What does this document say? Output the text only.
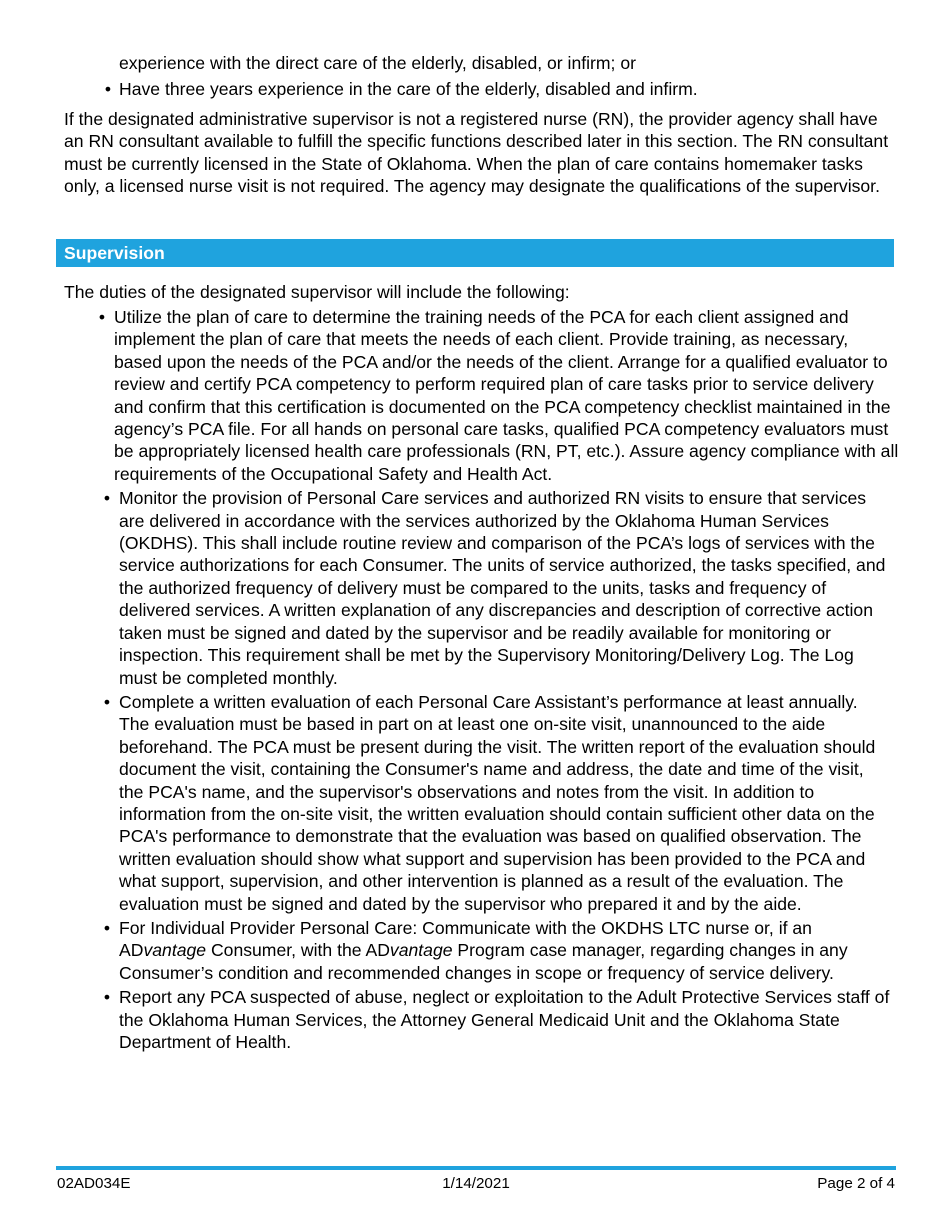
experience with the direct care of the elderly, disabled, or infirm; or
• Have three years experience in the care of the elderly, disabled and infirm.
If the designated administrative supervisor is not a registered nurse (RN), the provider agency shall have an RN consultant available to fulfill the specific functions described later in this section. The RN consultant must be currently licensed in the State of Oklahoma. When the plan of care contains homemaker tasks only, a licensed nurse visit is not required. The agency may designate the qualifications of the supervisor.
Supervision
The duties of the designated supervisor will include the following:
• Utilize the plan of care to determine the training needs of the PCA for each client assigned and implement the plan of care that meets the needs of each client. Provide training, as necessary, based upon the needs of the PCA and/or the needs of the client. Arrange for a qualified evaluator to review and certify PCA competency to perform required plan of care tasks prior to service delivery and confirm that this certification is documented on the PCA competency checklist maintained in the agency’s PCA file. For all hands on personal care tasks, qualified PCA competency evaluators must be appropriately licensed health care professionals (RN, PT, etc.). Assure agency compliance with all requirements of the Occupational Safety and Health Act.
• Monitor the provision of Personal Care services and authorized RN visits to ensure that services are delivered in accordance with the services authorized by the Oklahoma Human Services (OKDHS). This shall include routine review and comparison of the PCA’s logs of services with the service authorizations for each Consumer. The units of service authorized, the tasks specified, and the authorized frequency of delivery must be compared to the units, tasks and frequency of delivered services. A written explanation of any discrepancies and description of corrective action taken must be signed and dated by the supervisor and be readily available for monitoring or inspection. This requirement shall be met by the Supervisory Monitoring/Delivery Log. The Log must be completed monthly.
• Complete a written evaluation of each Personal Care Assistant’s performance at least annually. The evaluation must be based in part on at least one on-site visit, unannounced to the aide beforehand. The PCA must be present during the visit. The written report of the evaluation should document the visit, containing the Consumer's name and address, the date and time of the visit, the PCA's name, and the supervisor's observations and notes from the visit. In addition to information from the on-site visit, the written evaluation should contain sufficient other data on the PCA's performance to demonstrate that the evaluation was based on qualified observation. The written evaluation should show what support and supervision has been provided to the PCA and what support, supervision, and other intervention is planned as a result of the evaluation. The evaluation must be signed and dated by the supervisor who prepared it and by the aide.
• For Individual Provider Personal Care: Communicate with the OKDHS LTC nurse or, if an ADvantage Consumer, with the ADvantage Program case manager, regarding changes in any Consumer’s condition and recommended changes in scope or frequency of service delivery.
• Report any PCA suspected of abuse, neglect or exploitation to the Adult Protective Services staff of the Oklahoma Human Services, the Attorney General Medicaid Unit and the Oklahoma State Department of Health.
02AD034E	1/14/2021	Page 2 of 4
